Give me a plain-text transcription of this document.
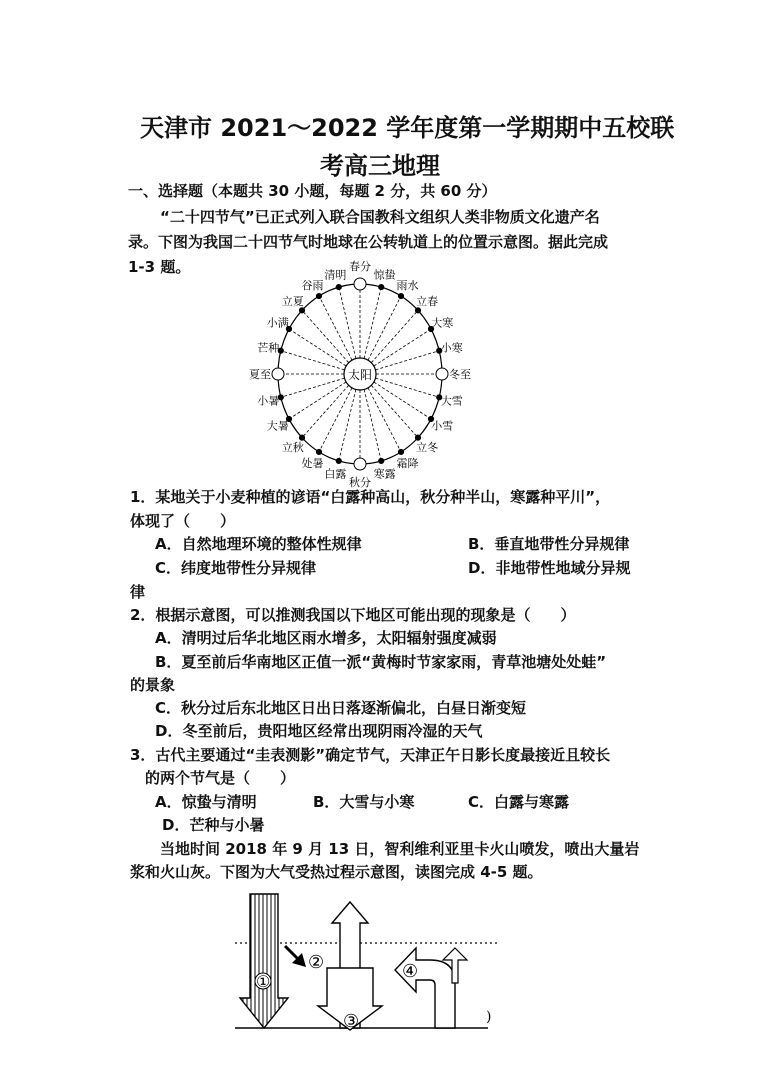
天津市 2021～2022 学年度第一学期期中五校联
考高三地理
一、选择题（本题共 30 小题，每题 2 分，共 60 分）
“二十四节气”已正式列入联合国教科文组织人类非物质文化遗产名
录。下图为我国二十四节气时地球在公转轨道上的位置示意图。据此完成
1-3 题。
太阳
春分
惊蛰
雨水
立春
大寒
小寒
冬至
大雪
小雪
立冬
霜降
寒露
秋分
白露
处暑
立秋
大暑
小暑
夏至
芒种
小满
立夏
谷雨
清明
1．某地关于小麦种植的谚语“白露种高山，秋分种半山，寒露种平川”，
体现了（　　）
A．自然地理环境的整体性规律	B．垂直地带性分异规律
C．纬度地带性分异规律	D．非地带性地域分异规
律
2．根据示意图，可以推测我国以下地区可能出现的现象是（　　）
A．清明过后华北地区雨水增多，太阳辐射强度减弱
B．夏至前后华南地区正值一派“黄梅时节家家雨，青草池塘处处蛙”
的景象
C．秋分过后东北地区日出日落逐渐偏北，白昼日渐变短
D．冬至前后，贵阳地区经常出现阴雨冷湿的天气
3．古代主要通过“圭表测影”确定节气，天津正午日影长度最接近且较长
的两个节气是（　　）
A．惊蛰与清明	B．大雪与小寒	C．白露与寒露
D．芒种与小暑
当地时间 2018 年 9 月 13 日，智利维利亚里卡火山喷发，喷出大量岩
浆和火山灰。下图为大气受热过程示意图，读图完成 4-5 题。
①
②
③
④
)
